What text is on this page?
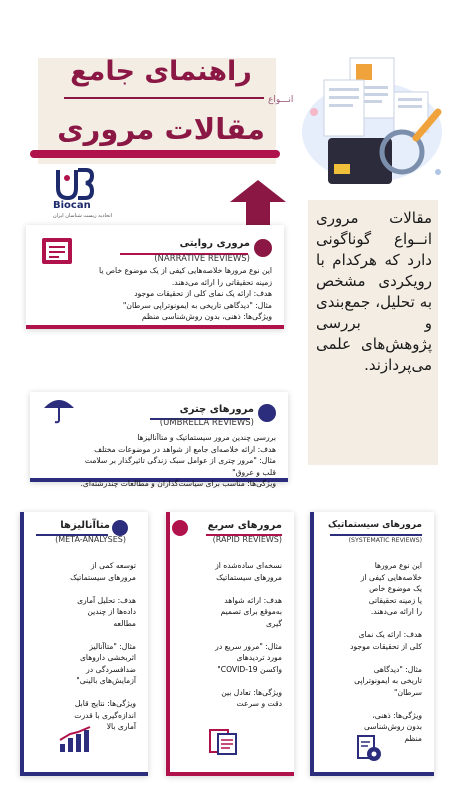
راهنمای جامع
انـــواع
مقالات مروری
Biocan
اتحادیه زیست شناسان ایران	مقالات مروری انــواع گوناگونی دارد که هرکدام با رویکردی مشخص به تحلیل، جمع‌بندی و بررسی پژوهش‌های علمی می‌پردازند.
مروری روایتی
(NARRATIVE REVIEWS)
این نوع مرورها خلاصه‌هایی کیفی از یک موضوع خاص یا
زمینه تحقیقاتی را ارائه می‌دهند.
هدف: ارائه یک نمای کلی از تحقیقات موجود
مثال: "دیدگاهی تاریخی به ایمونوتراپی سرطان"
ویژگی‌ها: ذهنی، بدون روش‌شناسی منظم
مرورهای چتری
(UMBRELLA REVIEWS)
بررسی چندین مرور سیستماتیک و متاآنالیزها
هدف: ارائه خلاصه‌ای جامع از شواهد در موضوعات مختلف
مثال: "مرور چتری از عوامل سبک زندگی تاثیرگذار بر سلامت
قلب و عروق"
ویژگی‌ها: مناسب برای سیاست‌گذاران و مطالعات چندرشته‌ای.
متاآنالیزها
(META-ANALYSES)
توسعه کمی از
مرورهای سیستماتیک

هدف: تحلیل آماری
داده‌ها از چندین
مطالعه

مثال: "متاآنالیز
اثربخشی داروهای
ضدافسردگی در
آزمایش‌های بالینی"

ویژگی‌ها: نتایج قابل
اندازه‌گیری با قدرت
آماری بالا
مرورهای سریع
(RAPID REVIEWS)
نسخه‌ای ساده‌شده از
مرورهای سیستماتیک

هدف: ارائه شواهد
به‌موقع برای تصمیم
گیری

مثال: "مرور سریع در
مورد تردیدهای
واکسن COVID-19"

ویژگی‌ها: تعادل بین
دقت و سرعت
مرورهای سیستماتیک
(SYSTEMATIC REVIEWS)
این نوع مرورها
خلاصه‌هایی کیفی از
یک موضوع خاص
یا زمینه تحقیقاتی
را ارائه می‌دهند.

هدف: ارائه یک نمای
کلی از تحقیقات موجود

مثال: "دیدگاهی
تاریخی به ایمونوتراپی
سرطان"

ویژگی‌ها: ذهنی،
بدون روش‌شناسی
منظم
